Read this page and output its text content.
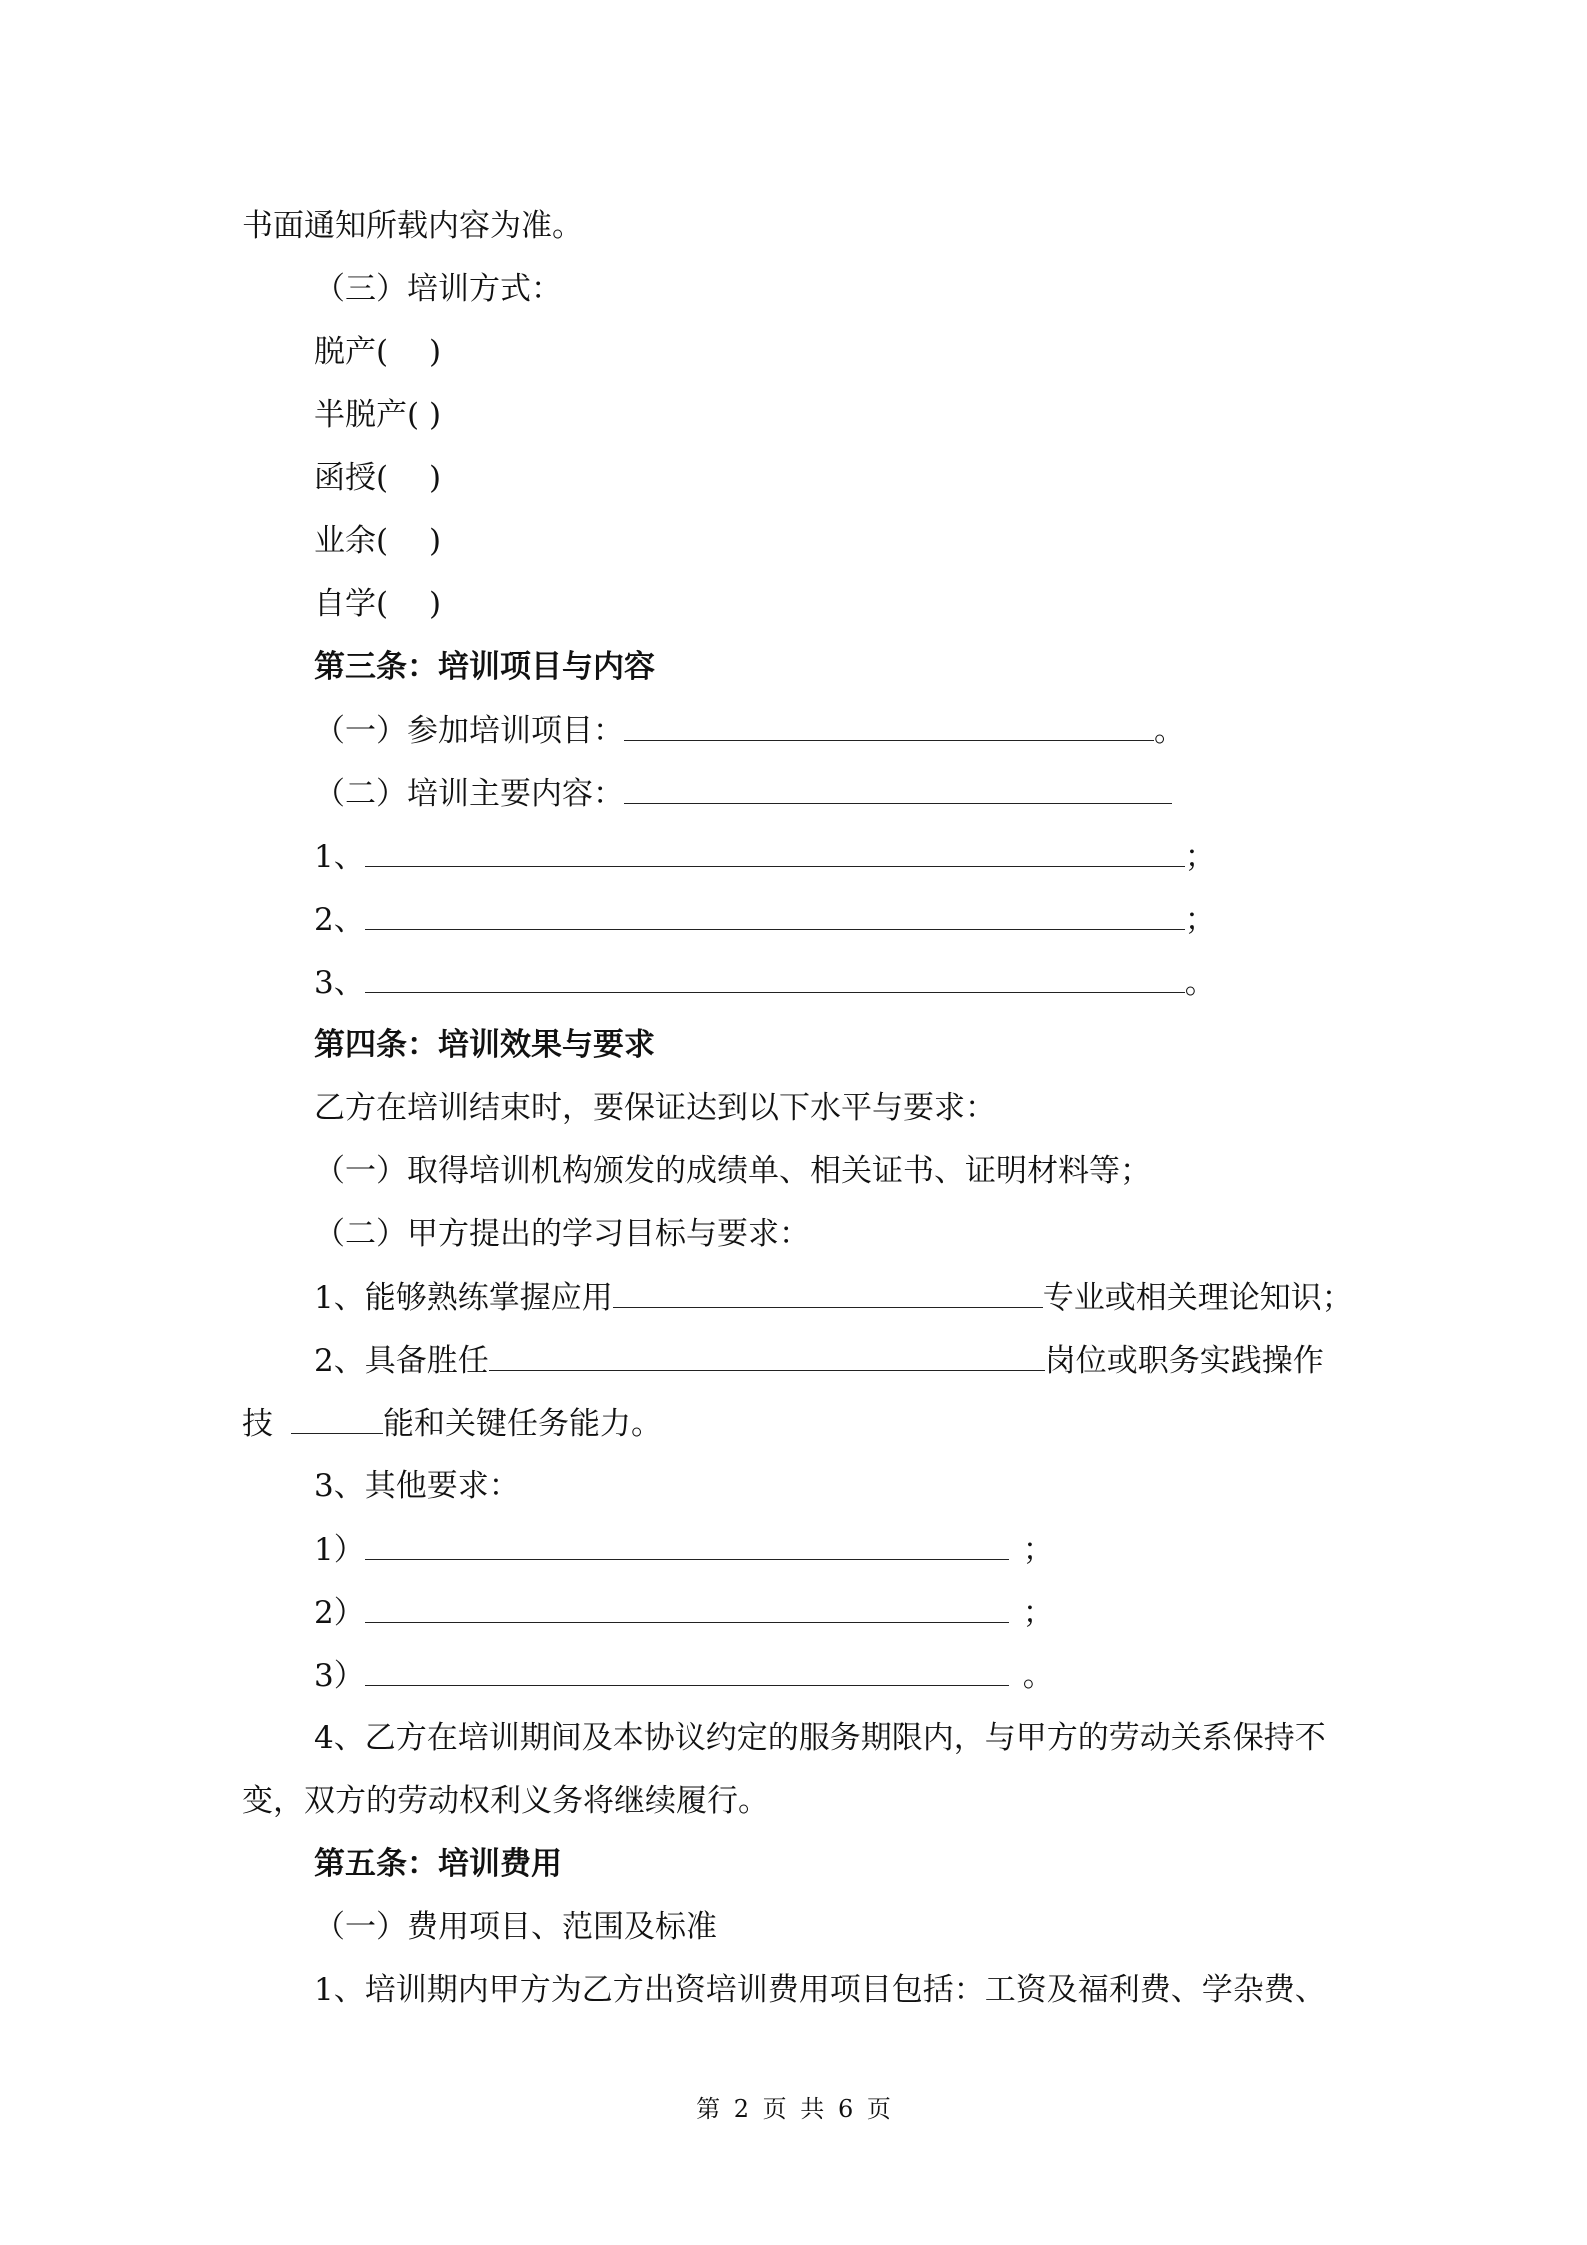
书面通知所载内容为准。
（三）培训方式：
脱产(　 )
半脱产( )
函授(　 )
业余(　 )
自学(　 )
第三条：培训项目与内容
（一）参加培训项目：	。
（二）培训主要内容：
1、	；
2、	；
3、	。
第四条：培训效果与要求
乙方在培训结束时，要保证达到以下水平与要求：
（一）取得培训机构颁发的成绩单、相关证书、证明材料等；
（二）甲方提出的学习目标与要求：
1、能够熟练掌握应用	专业或相关理论知识；
2、具备胜任	岗位或职务实践操作
技	能和关键任务能力。
3、其他要求：
1）	；
2）	；
3）	。
4、乙方在培训期间及本协议约定的服务期限内，与甲方的劳动关系保持不
变，双方的劳动权利义务将继续履行。
第五条：培训费用
（一）费用项目、范围及标准
1、培训期内甲方为乙方出资培训费用项目包括：工资及福利费、学杂费、
第 2 页 共 6 页
